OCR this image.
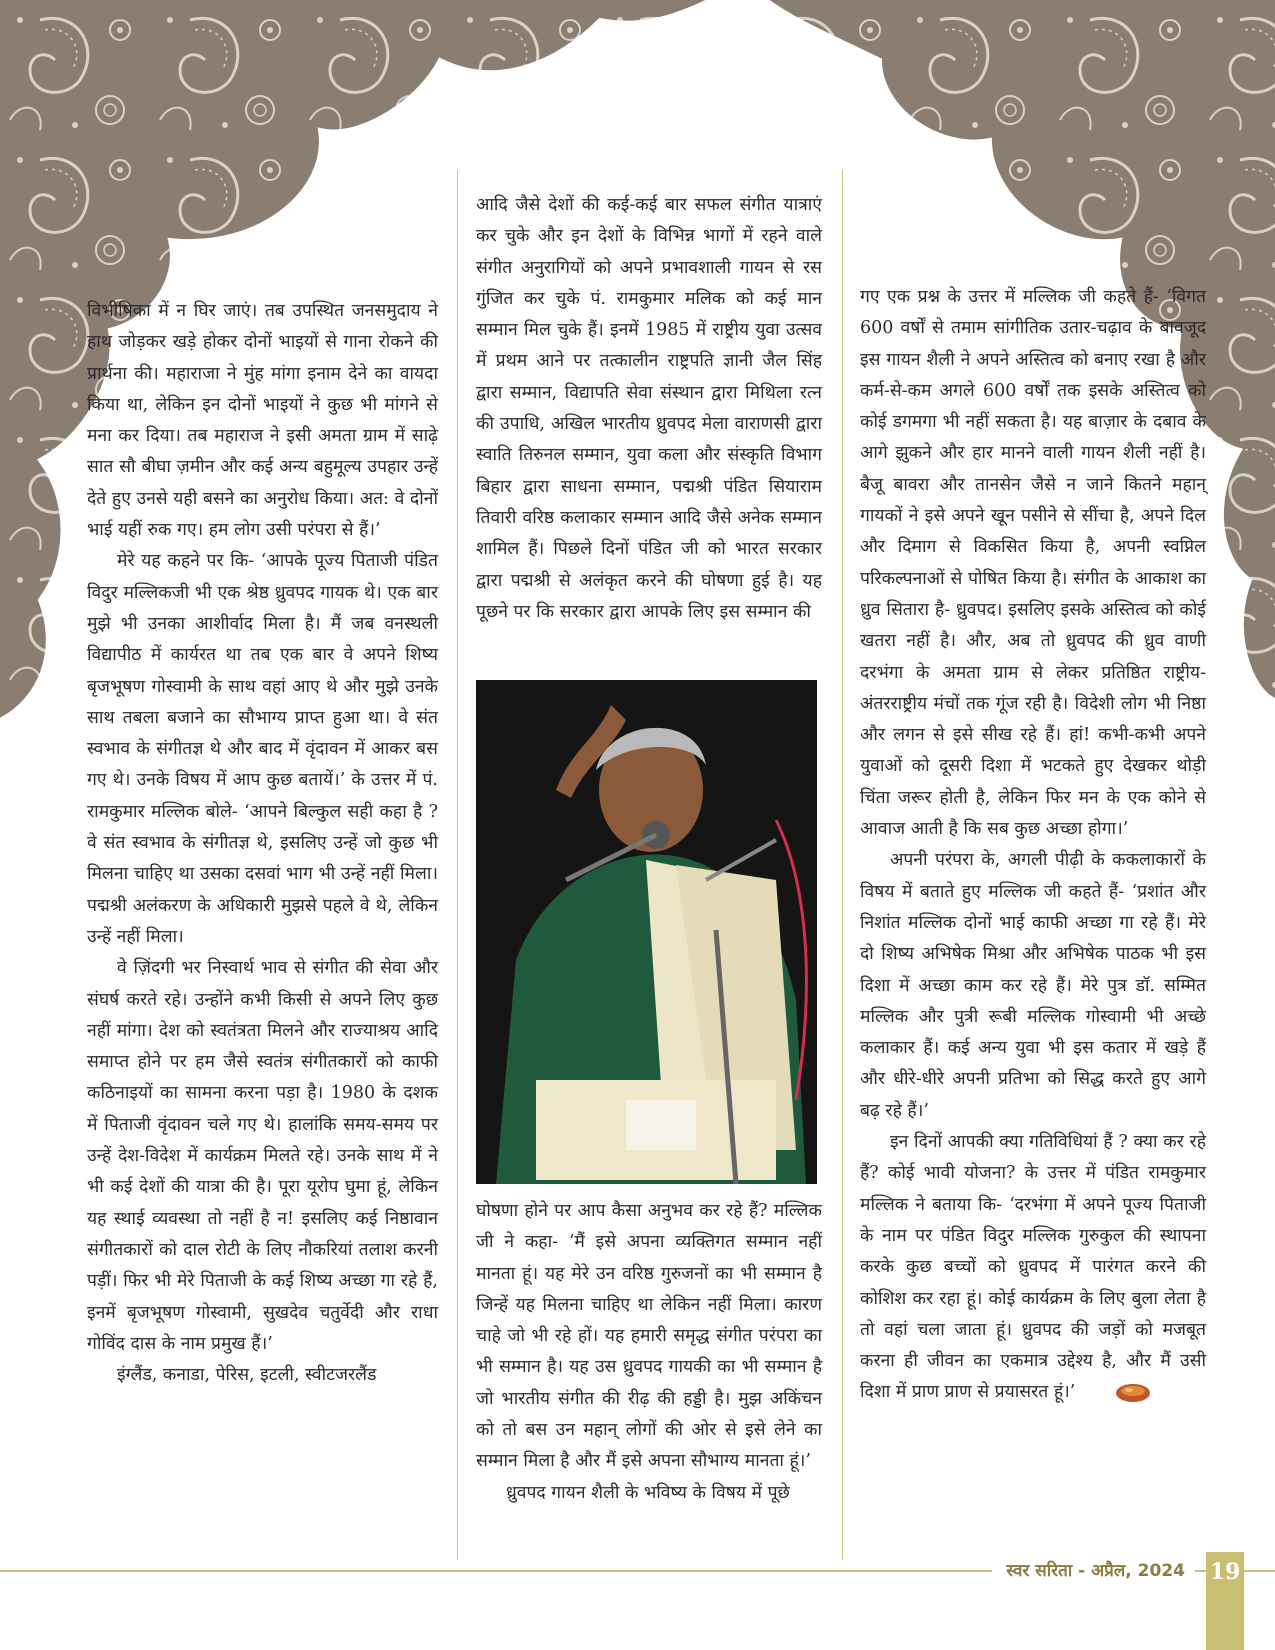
विभीषिका में न घिर जाएं। तब उपस्थित जनसमुदाय ने हाथ जोड़कर खड़े होकर दोनों भाइयों से गाना रोकने की प्रार्थना की। महाराजा ने मुंह मांगा इनाम देने का वायदा किया था, लेकिन इन दोनों भाइयों ने कुछ भी मांगने से मना कर दिया। तब महाराज ने इसी अमता ग्राम में साढ़े सात सौ बीघा ज़मीन और कई अन्य बहुमूल्य उपहार उन्हें देते हुए उनसे यही बसने का अनुरोध किया। अत: वे दोनों भाई यहीं रुक गए। हम लोग उसी परंपरा से हैं।’

मेरे यह कहने पर कि- ‘आपके पूज्य पिताजी पंडित विदुर मल्लिकजी भी एक श्रेष्ठ ध्रुवपद गायक थे। एक बार मुझे भी उनका आशीर्वाद मिला है। मैं जब वनस्थली विद्यापीठ में कार्यरत था तब एक बार वे अपने शिष्य बृजभूषण गोस्वामी के साथ वहां आए थे और मुझे उनके साथ तबला बजाने का सौभाग्य प्राप्त हुआ था। वे संत स्वभाव के संगीतज्ञ थे और बाद में वृंदावन में आकर बस गए थे। उनके विषय में आप कुछ बतायें।’ के उत्तर में पं. रामकुमार मल्लिक बोले- ‘आपने बिल्कुल सही कहा है ? वे संत स्वभाव के संगीतज्ञ थे, इसलिए उन्हें जो कुछ भी मिलना चाहिए था उसका दसवां भाग भी उन्हें नहीं मिला। पद्मश्री अलंकरण के अधिकारी मुझसे पहले वे थे, लेकिन उन्हें नहीं मिला।

वे ज़िंदगी भर निस्वार्थ भाव से संगीत की सेवा और संघर्ष करते रहे। उन्होंने कभी किसी से अपने लिए कुछ नहीं मांगा। देश को स्वतंत्रता मिलने और राज्याश्रय आदि समाप्त होने पर हम जैसे स्वतंत्र संगीतकारों को काफी कठिनाइयों का सामना करना पड़ा है। 1980 के दशक में पिताजी वृंदावन चले गए थे। हालांकि समय-समय पर उन्हें देश-विदेश में कार्यक्रम मिलते रहे। उनके साथ में ने भी कई देशों की यात्रा की है। पूरा यूरोप घुमा हूं, लेकिन यह स्थाई व्यवस्था तो नहीं है न! इसलिए कई निष्ठावान संगीतकारों को दाल रोटी के लिए नौकरियां तलाश करनी पड़ीं। फिर भी मेरे पिताजी के कई शिष्य अच्छा गा रहे हैं, इनमें बृजभूषण गोस्वामी, सुखदेव चतुर्वेदी और राधा गोविंद दास के नाम प्रमुख हैं।’

इंग्लैंड, कनाडा, पेरिस, इटली, स्वीटजरलैंड

आदि जैसे देशों की कई-कई बार सफल संगीत यात्राएं कर चुके और इन देशों के विभिन्न भागों में रहने वाले संगीत अनुरागियों को अपने प्रभावशाली गायन से रस गुंजित कर चुके पं. रामकुमार मलिक को कई मान सम्मान मिल चुके हैं। इनमें 1985 में राष्ट्रीय युवा उत्सव में प्रथम आने पर तत्कालीन राष्ट्रपति ज्ञानी जैल सिंह द्वारा सम्मान, विद्यापति सेवा संस्थान द्वारा मिथिला रत्न की उपाधि, अखिल भारतीय ध्रुवपद मेला वाराणसी द्वारा स्वाति तिरुनल सम्मान, युवा कला और संस्कृति विभाग बिहार द्वारा साधना सम्मान, पद्मश्री पंडित सियाराम तिवारी वरिष्ठ कलाकार सम्मान आदि जैसे अनेक सम्मान शामिल हैं। पिछले दिनों पंडित जी को भारत सरकार द्वारा पद्मश्री से अलंकृत करने की घोषणा हुई है। यह पूछने पर कि सरकार द्वारा आपके लिए इस सम्मान की

घोषणा होने पर आप कैसा अनुभव कर रहे हैं? मल्लिक जी ने कहा- ‘मैं इसे अपना व्यक्तिगत सम्मान नहीं मानता हूं। यह मेरे उन वरिष्ठ गुरुजनों का भी सम्मान है जिन्हें यह मिलना चाहिए था लेकिन नहीं मिला। कारण चाहे जो भी रहे हों। यह हमारी समृद्ध संगीत परंपरा का भी सम्मान है। यह उस ध्रुवपद गायकी का भी सम्मान है जो भारतीय संगीत की रीढ़ की हड्डी है। मुझ अकिंचन को तो बस उन महान् लोगों की ओर से इसे लेने का सम्मान मिला है और मैं इसे अपना सौभाग्य मानता हूं।’

ध्रुवपद गायन शैली के भविष्य के विषय में पूछे

गए एक प्रश्न के उत्तर में मल्लिक जी कहते हैं- ‘विगत 600 वर्षों से तमाम सांगीतिक उतार-चढ़ाव के बावजूद इस गायन शैली ने अपने अस्तित्व को बनाए रखा है और कर्म-से-कम अगले 600 वर्षों तक इसके अस्तित्व को कोई डगमगा भी नहीं सकता है। यह बाज़ार के दबाव के आगे झुकने और हार मानने वाली गायन शैली नहीं है। बैजू बावरा और तानसेन जैसे न जाने कितने महान् गायकों ने इसे अपने खून पसीने से सींचा है, अपने दिल और दिमाग से विकसित किया है, अपनी स्वप्निल परिकल्पनाओं से पोषित किया है। संगीत के आकाश का ध्रुव सितारा है- ध्रुवपद। इसलिए इसके अस्तित्व को कोई खतरा नहीं है। और, अब तो ध्रुवपद की ध्रुव वाणी दरभंगा के अमता ग्राम से लेकर प्रतिष्ठित राष्ट्रीय-अंतरराष्ट्रीय मंचों तक गूंज रही है। विदेशी लोग भी निष्ठा और लगन से इसे सीख रहे हैं। हां! कभी-कभी अपने युवाओं को दूसरी दिशा में भटकते हुए देखकर थोड़ी चिंता जरूर होती है, लेकिन फिर मन के एक कोने से आवाज आती है कि सब कुछ अच्छा होगा।’

अपनी परंपरा के, अगली पीढ़ी के ककलाकारों के विषय में बताते हुए मल्लिक जी कहते हैं- ‘प्रशांत और निशांत मल्लिक दोनों भाई काफी अच्छा गा रहे हैं। मेरे दो शिष्य अभिषेक मिश्रा और अभिषेक पाठक भी इस दिशा में अच्छा काम कर रहे हैं। मेरे पुत्र डॉ. सम्मित मल्लिक और पुत्री रूबी मल्लिक गोस्वामी भी अच्छे कलाकार हैं। कई अन्य युवा भी इस कतार में खड़े हैं और धीरे-धीरे अपनी प्रतिभा को सिद्ध करते हुए आगे बढ़ रहे हैं।’

इन दिनों आपकी क्या गतिविधियां हैं ? क्या कर रहे हैं? कोई भावी योजना? के उत्तर में पंडित रामकुमार मल्लिक ने बताया कि- ‘दरभंगा में अपने पूज्य पिताजी के नाम पर पंडित विदुर मल्लिक गुरुकुल की स्थापना करके कुछ बच्चों को ध्रुवपद में पारंगत करने की कोशिश कर रहा हूं। कोई कार्यक्रम के लिए बुला लेता है तो वहां चला जाता हूं। ध्रुवपद की जड़ों को मजबूत करना ही जीवन का एकमात्र उद्देश्य है, और मैं उसी दिशा में प्राण प्राण से प्रयासरत हूं।’

स्वर सरिता - अप्रैल, 2024	19
